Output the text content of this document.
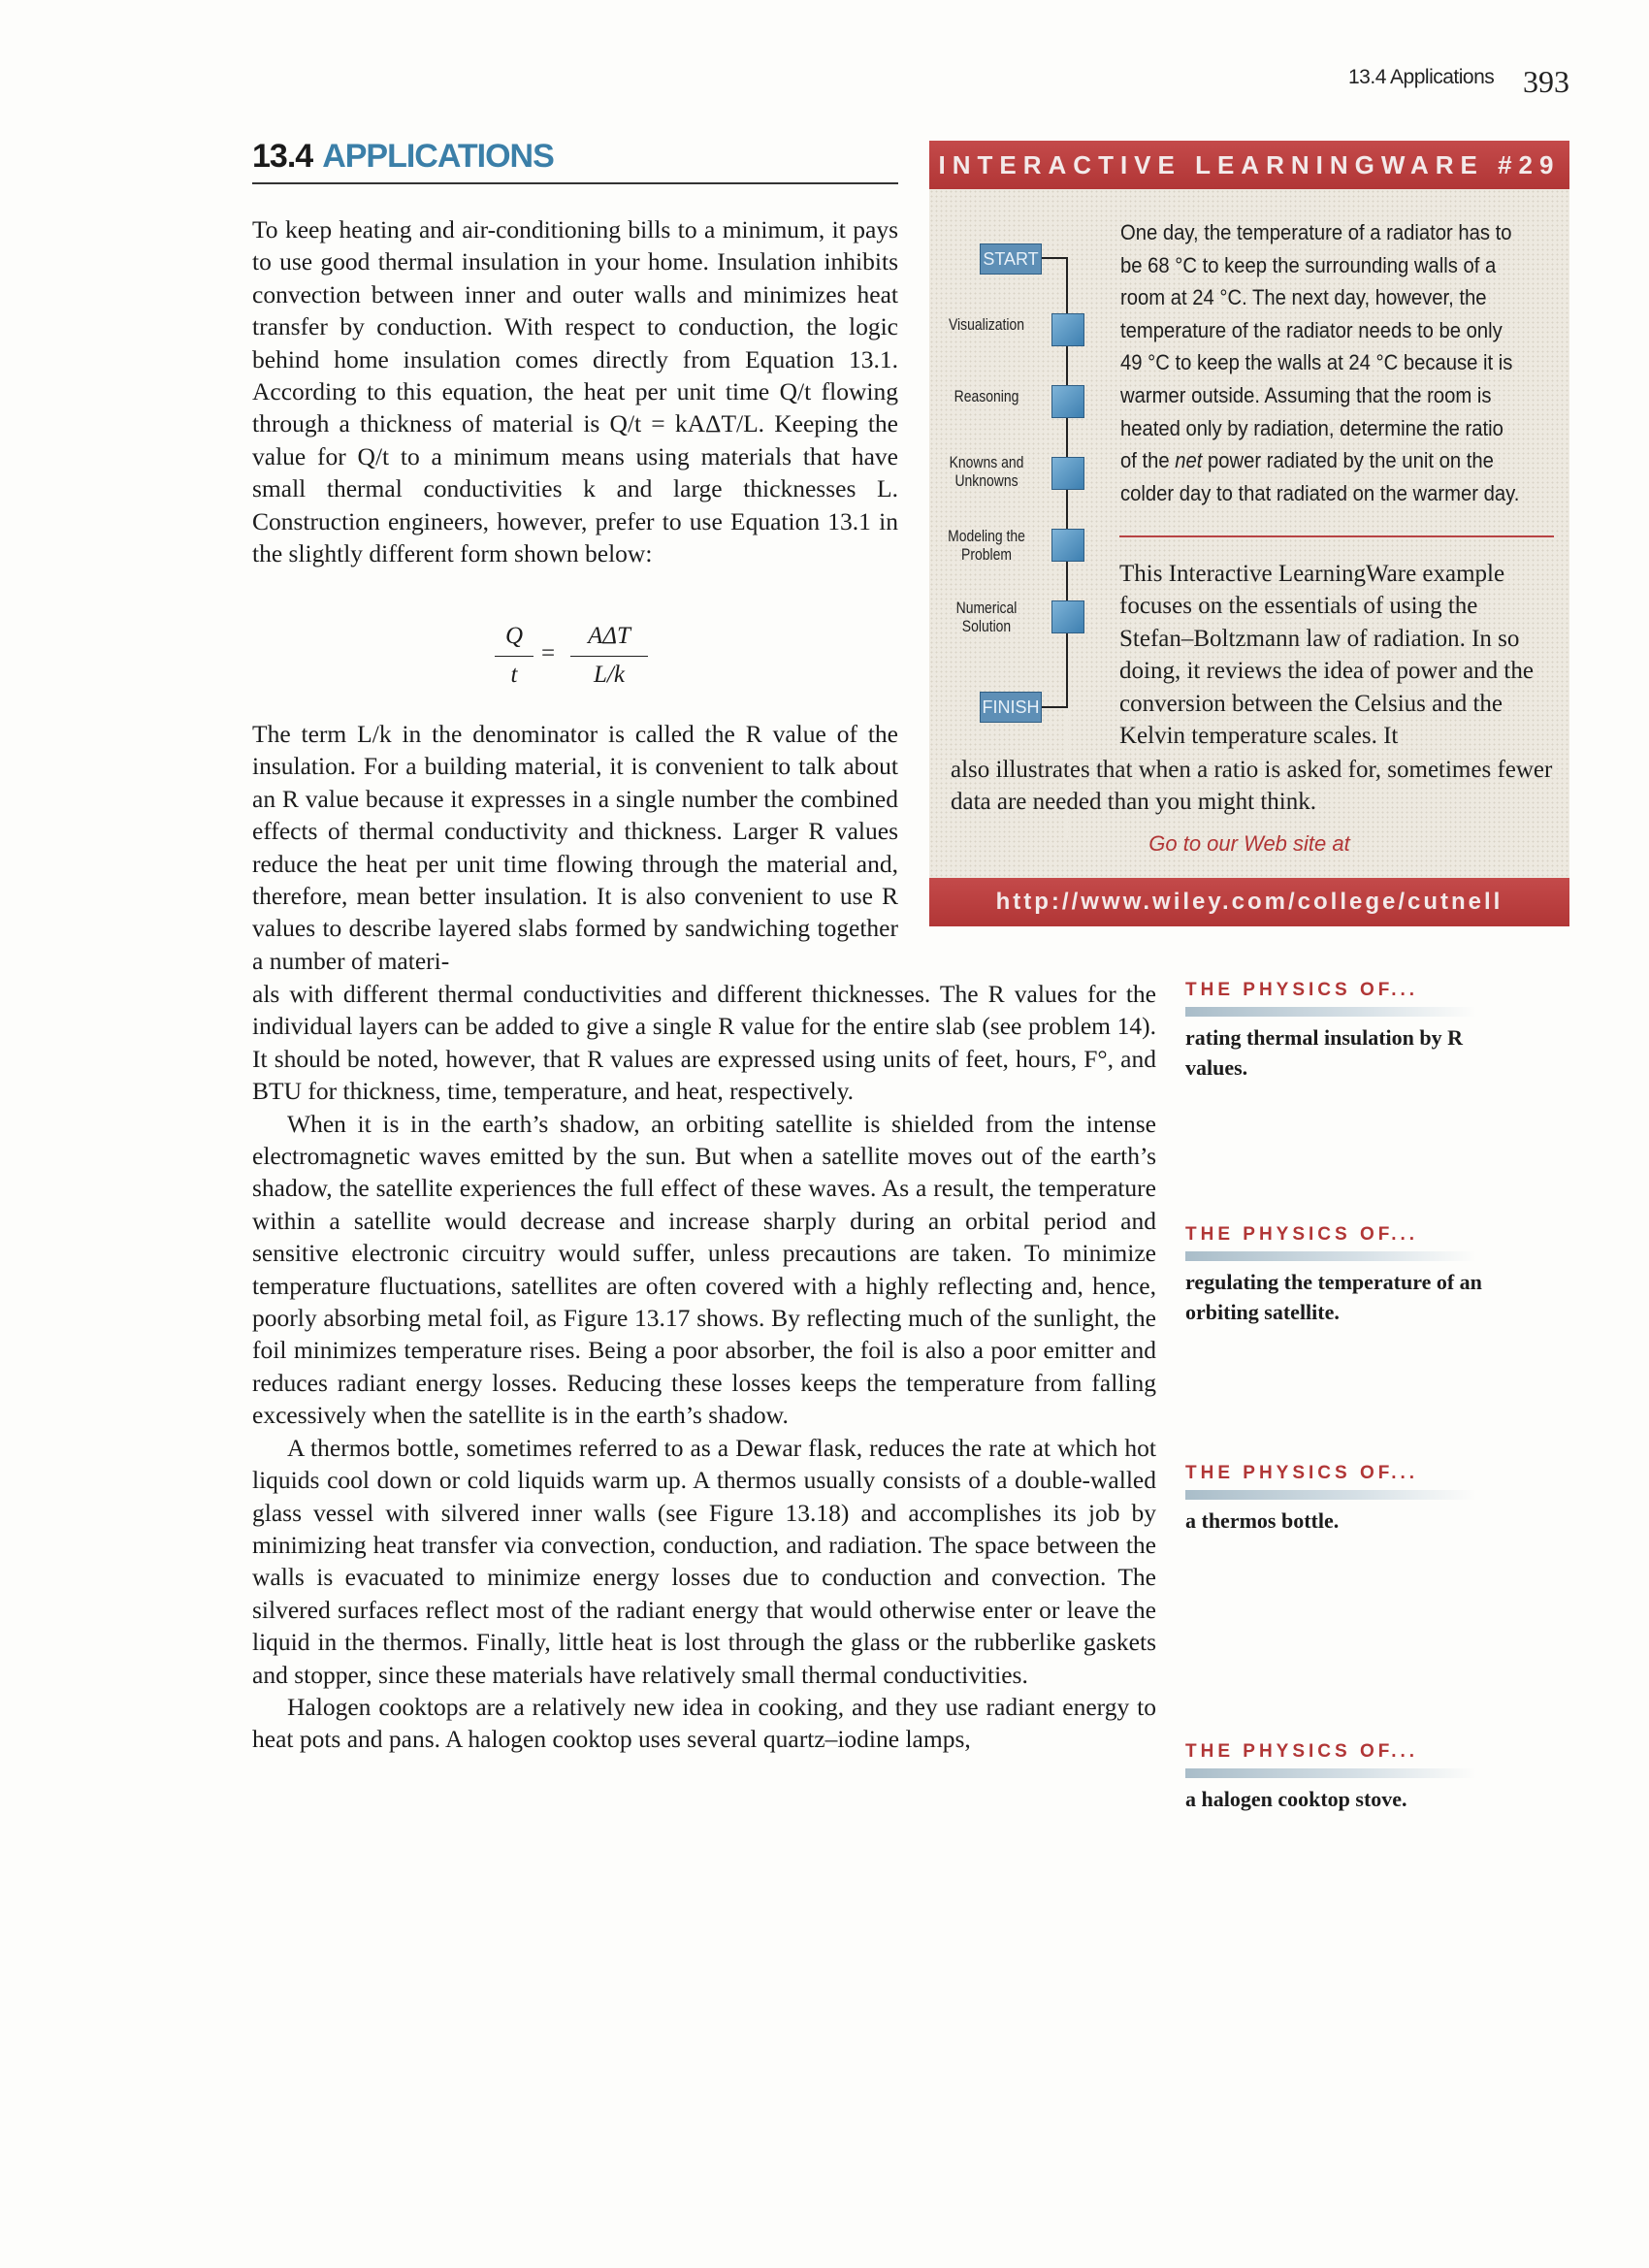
13.4 Applications 393
13.4 APPLICATIONS

To keep heating and air-conditioning bills to a minimum, it pays to use good thermal insulation in your home. Insulation inhibits convection between inner and outer walls and minimizes heat transfer by conduction. With respect to conduction, the logic behind home insulation comes directly from Equation 13.1. According to this equation, the heat per unit time Q/t flowing through a thickness of material is Q/t = kAΔT/L. Keeping the value for Q/t to a minimum means using materials that have small thermal conductivities k and large thicknesses L. Construction engineers, however, prefer to use Equation 13.1 in the slightly different form shown below:

Q
t
=
AΔT
L/k

The term L/k in the denominator is called the R value of the insulation. For a building material, it is convenient to talk about an R value because it expresses in a single number the combined effects of thermal conductivity and thickness. Larger R values reduce the heat per unit time flowing through the material and, therefore, mean better insulation. It is also convenient to use R values to describe layered slabs formed by sandwiching together a number of materi-

als with different thermal conductivities and different thicknesses. The R values for the individual layers can be added to give a single R value for the entire slab (see problem 14). It should be noted, however, that R values are expressed using units of feet, hours, F°, and BTU for thickness, time, temperature, and heat, respectively.

When it is in the earth’s shadow, an orbiting satellite is shielded from the intense electromagnetic waves emitted by the sun. But when a satellite moves out of the earth’s shadow, the satellite experiences the full effect of these waves. As a result, the temperature within a satellite would decrease and increase sharply during an orbital period and sensitive electronic circuitry would suffer, unless precautions are taken. To minimize temperature fluctuations, satellites are often covered with a highly reflecting and, hence, poorly absorbing metal foil, as Figure 13.17 shows. By reflecting much of the sunlight, the foil minimizes temperature rises. Being a poor absorber, the foil is also a poor emitter and reduces radiant energy losses. Reducing these losses keeps the temperature from falling excessively when the satellite is in the earth’s shadow.

A thermos bottle, sometimes referred to as a Dewar flask, reduces the rate at which hot liquids cool down or cold liquids warm up. A thermos usually consists of a double-walled glass vessel with silvered inner walls (see Figure 13.18) and accomplishes its job by minimizing heat transfer via convection, conduction, and radiation. The space between the walls is evacuated to minimize energy losses due to conduction and convection. The silvered surfaces reflect most of the radiant energy that would otherwise enter or leave the liquid in the thermos. Finally, little heat is lost through the glass or the rubberlike gaskets and stopper, since these materials have relatively small thermal conductivities.

Halogen cooktops are a relatively new idea in cooking, and they use radiant energy to heat pots and pans. A halogen cooktop uses several quartz–iodine lamps,

INTERACTIVE LEARNINGWARE #29
START
Visualization
Reasoning
Knowns and Unknowns
Modeling the Problem
Numerical Solution
FINISH
One day, the temperature of a radiator has to be 68 °C to keep the surrounding walls of a room at 24 °C. The next day, however, the temperature of the radiator needs to be only 49 °C to keep the walls at 24 °C because it is warmer outside. Assuming that the room is heated only by radiation, determine the ratio of the net power radiated by the unit on the colder day to that radiated on the warmer day.
This Interactive LearningWare example focuses on the essentials of using the Stefan–Boltzmann law of radiation. In so doing, it reviews the idea of power and the conversion between the Celsius and the Kelvin temperature scales. It
also illustrates that when a ratio is asked for, sometimes fewer data are needed than you might think.
Go to our Web site at
http://www.wiley.com/college/cutnell
THE PHYSICS OF...
rating thermal insulation by R values.
THE PHYSICS OF...
regulating the temperature of an orbiting satellite.
THE PHYSICS OF...
a thermos bottle.
THE PHYSICS OF...
a halogen cooktop stove.
